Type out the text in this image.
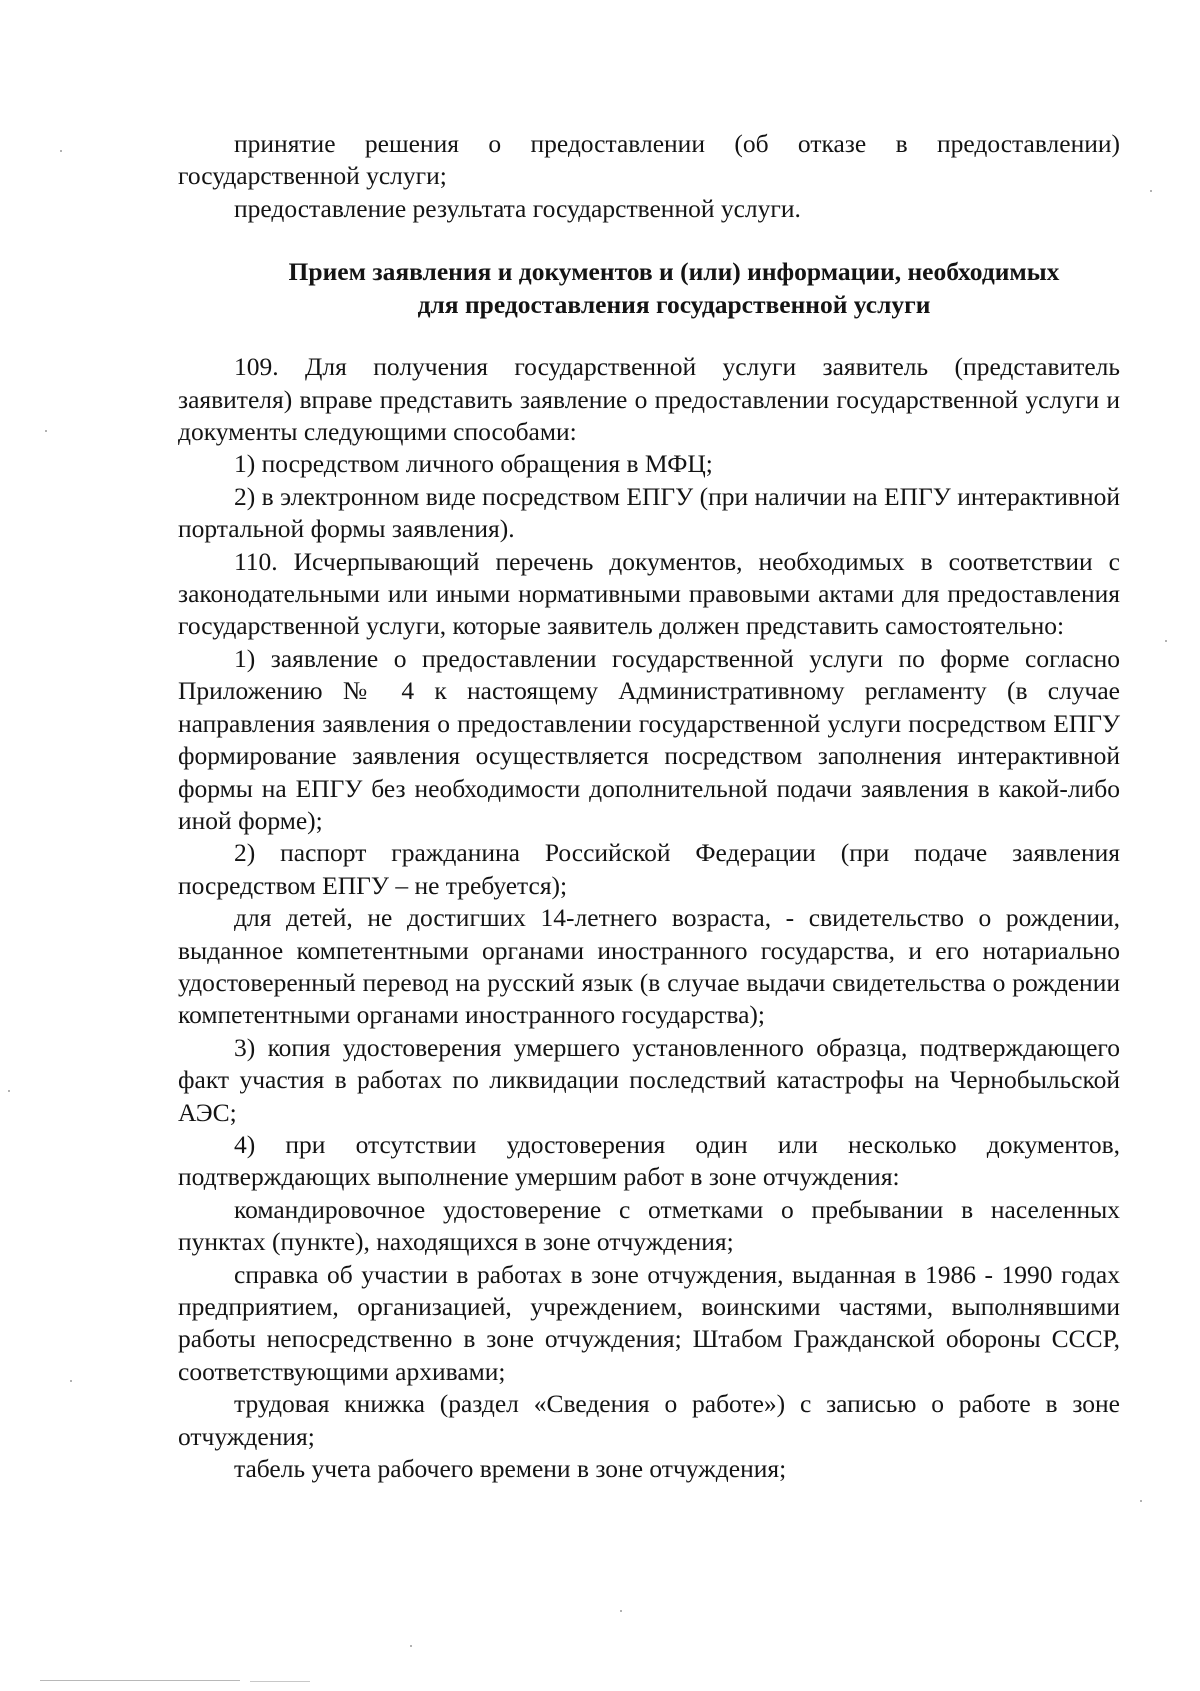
принятие решения о предоставлении (об отказе в предоставлении) государственной услуги;

предоставление результата государственной услуги.

Прием заявления и документов и (или) информации, необходимых
для предоставления государственной услуги

109. Для получения государственной услуги заявитель (представитель заявителя) вправе представить заявление о предоставлении государственной услуги и документы следующими способами:

1) посредством личного обращения в МФЦ;

2) в электронном виде посредством ЕПГУ (при наличии на ЕПГУ интерактивной портальной формы заявления).

110. Исчерпывающий перечень документов, необходимых в соответствии с законодательными или иными нормативными правовыми актами для предоставления государственной услуги, которые заявитель должен представить самостоятельно:

1) заявление о предоставлении государственной услуги по форме согласно Приложению № 4 к настоящему Административному регламенту (в случае направления заявления о предоставлении государственной услуги посредством ЕПГУ формирование заявления осуществляется посредством заполнения интерактивной формы на ЕПГУ без необходимости дополнительной подачи заявления в какой-либо иной форме);

2) паспорт гражданина Российской Федерации (при подаче заявления посредством ЕПГУ – не требуется);

для детей, не достигших 14-летнего возраста, - свидетельство о рождении, выданное компетентными органами иностранного государства, и его нотариально удостоверенный перевод на русский язык (в случае выдачи свидетельства о рождении компетентными органами иностранного государства);

3) копия удостоверения умершего установленного образца, подтверждающего факт участия в работах по ликвидации последствий катастрофы на Чернобыльской АЭС;

4) при отсутствии удостоверения один или несколько документов, подтверждающих выполнение умершим работ в зоне отчуждения:

командировочное удостоверение с отметками о пребывании в населенных пунктах (пункте), находящихся в зоне отчуждения;

справка об участии в работах в зоне отчуждения, выданная в 1986 - 1990 годах предприятием, организацией, учреждением, воинскими частями, выполнявшими работы непосредственно в зоне отчуждения; Штабом Гражданской обороны СССР, соответствующими архивами;

трудовая книжка (раздел «Сведения о работе») с записью о работе в зоне отчуждения;

табель учета рабочего времени в зоне отчуждения;
